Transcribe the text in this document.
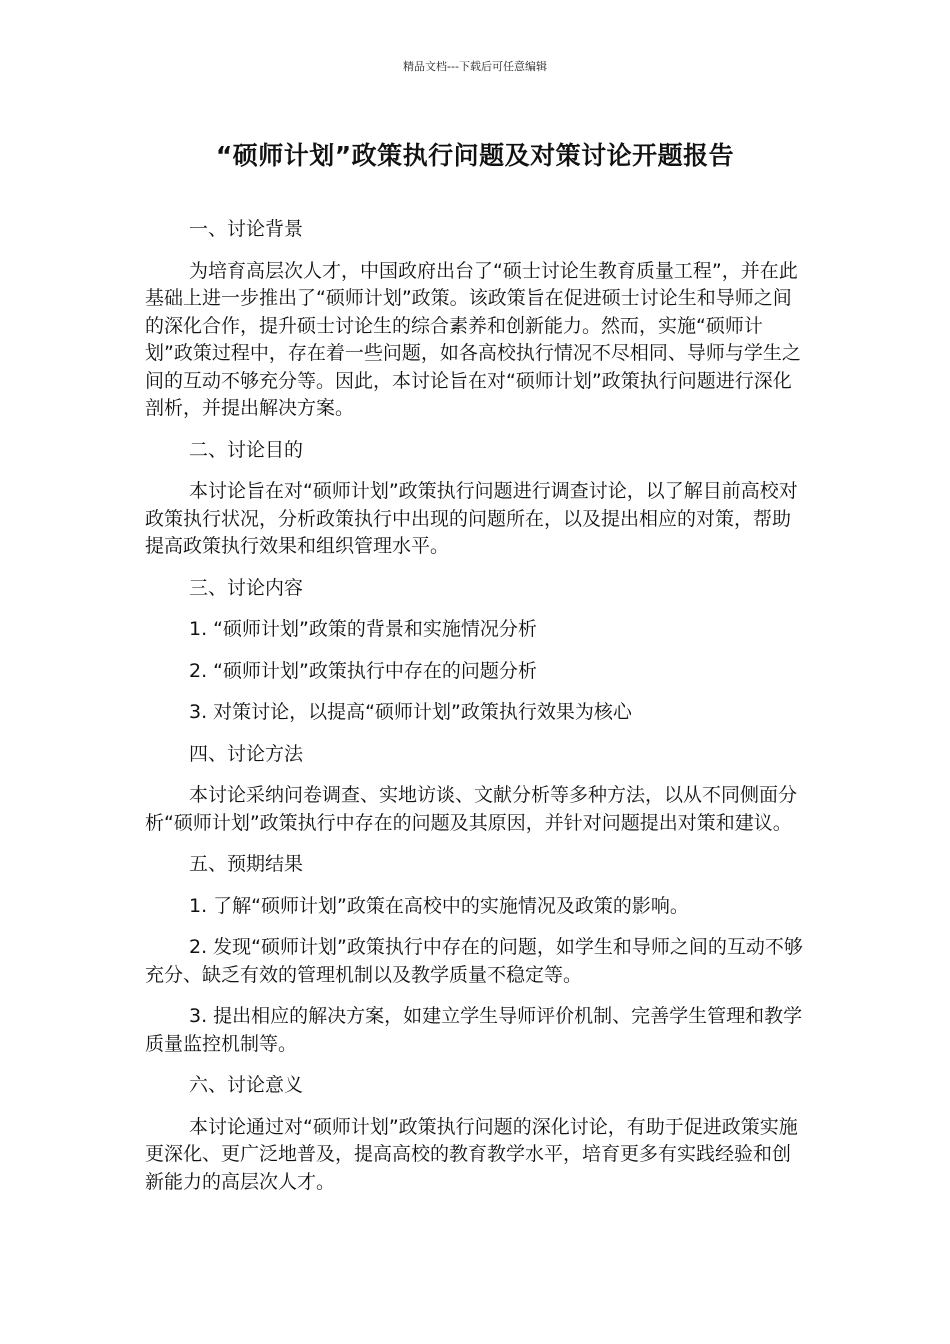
精品文档---下载后可任意编辑
“硕师计划”政策执行问题及对策讨论开题报告
一、讨论背景
为培育高层次人才，中国政府出台了“硕士讨论生教育质量工程”，并在此基础上进一步推出了“硕师计划”政策。该政策旨在促进硕士讨论生和导师之间的深化合作，提升硕士讨论生的综合素养和创新能力。然而，实施“硕师计划”政策过程中，存在着一些问题，如各高校执行情况不尽相同、导师与学生之间的互动不够充分等。因此，本讨论旨在对“硕师计划”政策执行问题进行深化剖析，并提出解决方案。
二、讨论目的
本讨论旨在对“硕师计划”政策执行问题进行调查讨论，以了解目前高校对政策执行状况，分析政策执行中出现的问题所在，以及提出相应的对策，帮助提高政策执行效果和组织管理水平。
三、讨论内容
1. “硕师计划”政策的背景和实施情况分析
2. “硕师计划”政策执行中存在的问题分析
3. 对策讨论，以提高“硕师计划”政策执行效果为核心
四、讨论方法
本讨论采纳问卷调查、实地访谈、文献分析等多种方法，以从不同侧面分析“硕师计划”政策执行中存在的问题及其原因，并针对问题提出对策和建议。
五、预期结果
1. 了解“硕师计划”政策在高校中的实施情况及政策的影响。
2. 发现“硕师计划”政策执行中存在的问题，如学生和导师之间的互动不够充分、缺乏有效的管理机制以及教学质量不稳定等。
3. 提出相应的解决方案，如建立学生导师评价机制、完善学生管理和教学质量监控机制等。
六、讨论意义
本讨论通过对“硕师计划”政策执行问题的深化讨论，有助于促进政策实施更深化、更广泛地普及，提高高校的教育教学水平，培育更多有实践经验和创新能力的高层次人才。
